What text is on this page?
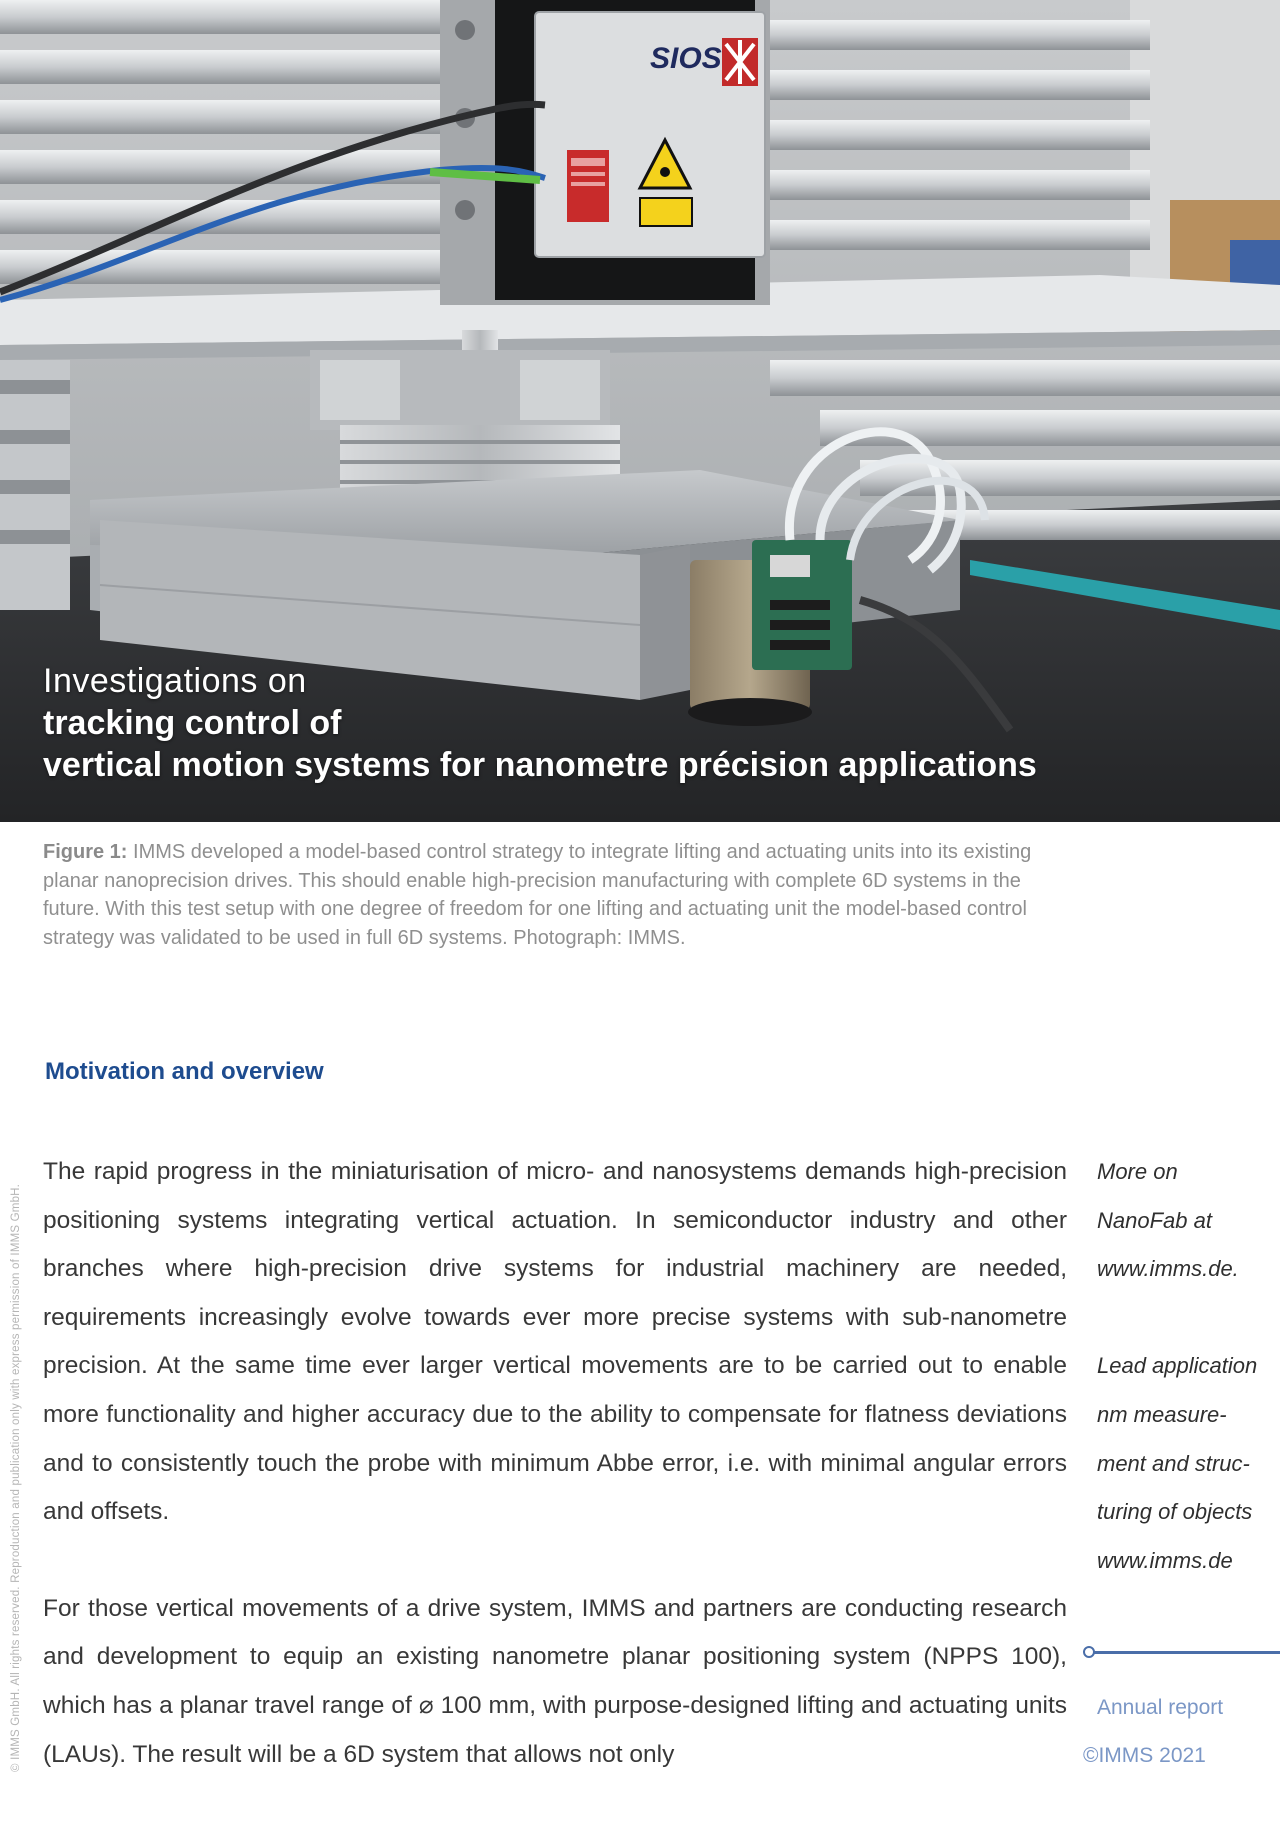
SIOS
Investigations on
tracking control of
vertical motion systems for nanometre précision applications
Figure 1: IMMS developed a model-based control strategy to integrate lifting and actuating units into its existing planar nanoprecision drives. This should enable high-precision manufacturing with complete 6D systems in the future. With this test setup with one degree of freedom for one lifting and actuating unit the model-based control strategy was validated to be used in full 6D systems. Photograph: IMMS.
© IMMS GmbH. All rights reserved. Reproduction and publication only with express permission of IMMS GmbH.
Motivation and overview

The rapid progress in the miniaturisation of micro- and nanosystems demands high-precision positioning systems integrating vertical actuation. In semiconductor industry and other branches where high-precision drive systems for industrial machinery are needed, requirements increasingly evolve towards ever more precise systems with sub-nanometre precision. At the same time ever larger vertical movements are to be carried out to enable more functionality and higher accuracy due to the ability to compensate for flatness deviations and to consistently touch the probe with minimum Abbe error, i.e. with minimal angular errors and offsets.

For those vertical movements of a drive system, IMMS and partners are conducting research and development to equip an existing nanometre planar positioning system (NPPS 100), which has a planar travel range of ⌀ 100 mm, with purpose-designed lifting and actuating units (LAUs). The result will be a 6D system that allows not only

More on
NanoFab at
www.imms.de.
Lead application
nm measure-
ment and struc-
turing of objects
www.imms.de
Annual report
©IMMS 2021
